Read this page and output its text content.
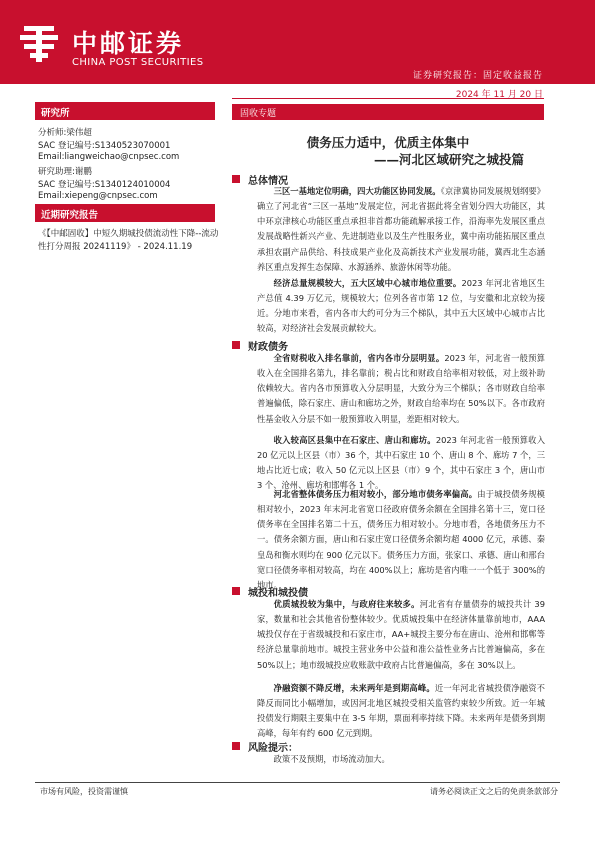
中邮证券
CHINA POST SECURITIES
证券研究报告：固定收益报告
2024 年 11 月 20 日
研究所
分析师:梁伟超
SAC 登记编号:S1340523070001
Email:liangweichao@cnpsec.com
研究助理:谢鹏
SAC 登记编号:S1340124010004
Email:xiepeng@cnpsec.com
近期研究报告
《【中邮固收】中短久期城投债流动性下降--流动性打分周报 20241119》 - 2024.11.19
固收专题
债务压力适中，优质主体集中
——河北区域研究之城投篇
总体情况

三区一基地定位明确，四大功能区协同发展。《京津冀协同发展规划纲要》确立了河北省“三区一基地”发展定位，河北省据此将全省划分四大功能区，其中环京津核心功能区重点承担非首都功能疏解承接工作，沿海率先发展区重点发展战略性新兴产业、先进制造业以及生产性服务业，冀中南功能拓展区重点承担农副产品供给、科技成果产业化及高新技术产业发展功能，冀西北生态涵养区重点发挥生态保障、水源涵养、旅游休闲等功能。

经济总量规模较大，五大区域中心城市地位重要。2023 年河北省地区生产总值 4.39 万亿元，规模较大；位列各省市第 12 位，与安徽和北京较为接近。分地市来看，省内各市大约可分为三个梯队，其中五大区域中心城市占比较高，对经济社会发展贡献较大。

财政债务

全省财税收入排名靠前，省内各市分层明显。2023 年，河北省一般预算收入在全国排名第九，排名靠前；税占比和财政自给率相对较低，对上级补助依赖较大。省内各市预算收入分层明显，大致分为三个梯队；各市财政自给率普遍偏低，除石家庄、唐山和廊坊之外，财政自给率均在 50%以下。各市政府性基金收入分层不如一般预算收入明显，差距相对较大。

收入较高区县集中在石家庄、唐山和廊坊。2023 年河北省一般预算收入 20 亿元以上区县（市）36 个，其中石家庄 10 个、唐山 8 个、廊坊 7 个，三地占比近七成；收入 50 亿元以上区县（市）9 个，其中石家庄 3 个，唐山市 3 个、沧州、廊坊和邯郸各 1 个。

河北省整体债务压力相对较小，部分地市债务率偏高。由于城投债务规模相对较小，2023 年末河北省宽口径政府债务余额在全国排名第十三，宽口径债务率在全国排名第二十五，债务压力相对较小。分地市看，各地债务压力不一。债务余额方面，唐山和石家庄宽口径债务余额均超 4000 亿元，承德、秦皇岛和衡水则均在 900 亿元以下。债务压力方面，张家口、承德、唐山和邢台宽口径债务率相对较高，均在 400%以上；廊坊是省内唯一一个低于 300%的地市。

城投和城投债

优质城投较为集中，与政府往来较多。河北省有存量债券的城投共计 39 家，数量和社会其他省份整体较少。优质城投集中在经济体量靠前地市，AAA 城投仅存在于省级城投和石家庄市，AA+城投主要分布在唐山、沧州和邯郸等经济总量靠前地市。城投主营业务中公益和准公益性业务占比普遍偏高，多在 50%以上；地市级城投应收账款中政府占比普遍偏高，多在 30%以上。

净融资额不降反增，未来两年是到期高峰。近一年河北省城投债净融资不降反而同比小幅增加，或因河北地区城投受相关监管约束较少所致。近一年城投债发行期限主要集中在 3-5 年期，票面利率持续下降。未来两年是债务到期高峰，每年有约 600 亿元到期。

风险提示：

政策不及预期，市场流动加大。

市场有风险，投资需谨慎	请务必阅读正文之后的免责条款部分
